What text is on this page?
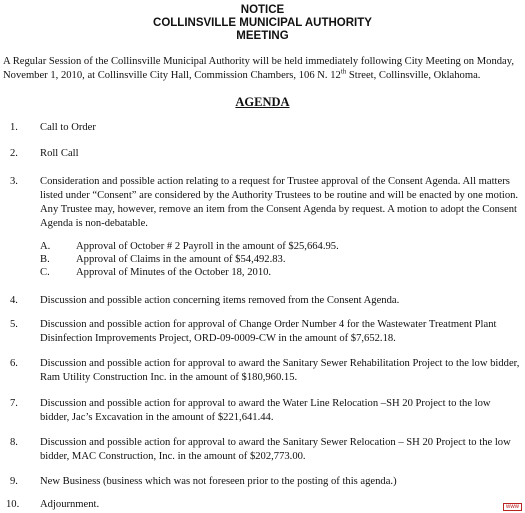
NOTICE
COLLINSVILLE MUNICIPAL AUTHORITY
MEETING
A Regular Session of the Collinsville Municipal Authority will be held immediately following City Meeting on Monday, November 1, 2010, at Collinsville City Hall, Commission Chambers, 106 N. 12th Street, Collinsville, Oklahoma.
AGENDA
1. Call to Order
2. Roll Call
3. Consideration and possible action relating to a request for Trustee approval of the Consent Agenda. All matters listed under “Consent” are considered by the Authority Trustees to be routine and will be enacted by one motion. Any Trustee may, however, remove an item from the Consent Agenda by request. A motion to adopt the Consent Agenda is non-debatable.
A. Approval of October # 2 Payroll in the amount of $25,664.95.
B. Approval of Claims in the amount of $54,492.83.
C. Approval of Minutes of the October 18, 2010.
4. Discussion and possible action concerning items removed from the Consent Agenda.
5. Discussion and possible action for approval of Change Order Number 4 for the Wastewater Treatment Plant Disinfection Improvements Project, ORD-09-0009-CW in the amount of $7,652.18.
6. Discussion and possible action for approval to award the Sanitary Sewer Rehabilitation Project to the low bidder, Ram Utility Construction Inc. in the amount of $180,960.15.
7. Discussion and possible action for approval to award the Water Line Relocation –SH 20 Project to the low bidder, Jac’s Excavation in the amount of $221,641.44.
8. Discussion and possible action for approval to award the Sanitary Sewer Relocation – SH 20 Project to the low bidder, MAC Construction, Inc. in the amount of $202,773.00.
9. New Business (business which was not foreseen prior to the posting of this agenda.)
10. Adjournment.	www
